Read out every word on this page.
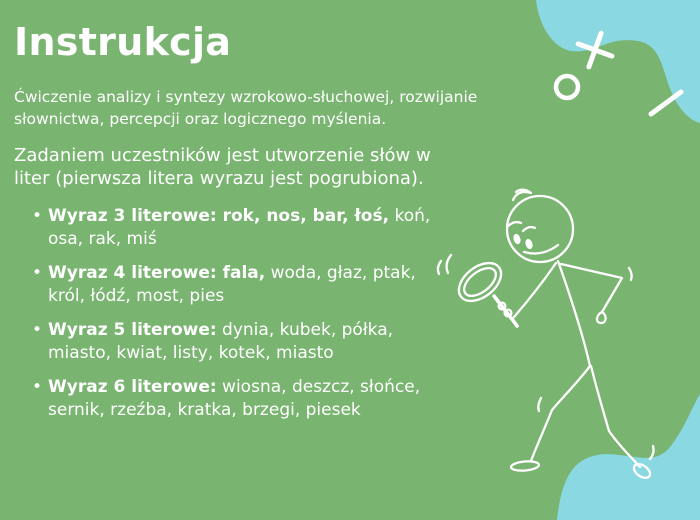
Instrukcja
Ćwiczenie analizy i syntezy wzrokowo-słuchowej, rozwijanie
słownictwa, percepcji oraz logicznego myślenia.
Zadaniem uczestników jest utworzenie słów w
liter (pierwsza litera wyrazu jest pogrubiona).
• Wyraz 3 literowe: rok, nos, bar, łoś, koń, osa, rak, miś
• Wyraz 4 literowe: fala, woda, głaz, ptak, król, łódź, most, pies
• Wyraz 5 literowe: dynia, kubek, półka, miasto, kwiat, listy, kotek, miasto
• Wyraz 6 literowe: wiosna, deszcz, słońce, sernik, rzeźba, kratka, brzegi, piesek
